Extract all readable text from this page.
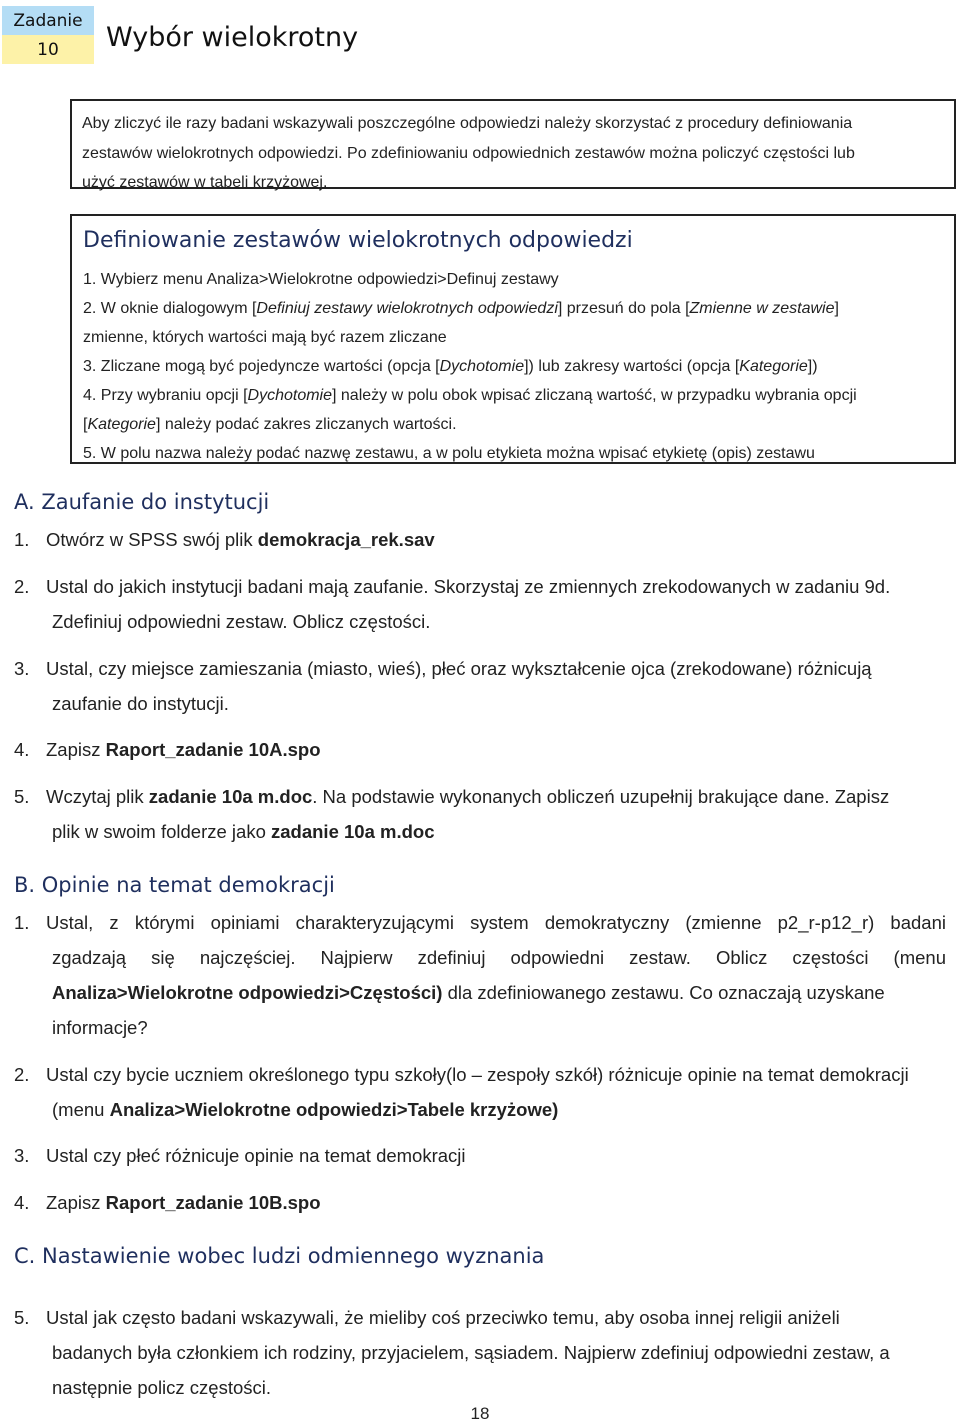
Zadanie
10	Wybór wielokrotny

Aby zliczyć ile razy badani wskazywali poszczególne odpowiedzi należy skorzystać z procedury definiowania
zestawów wielokrotnych odpowiedzi. Po zdefiniowaniu odpowiednich zestawów można policzyć częstości lub
użyć zestawów w tabeli krzyżowej.

Definiowanie zestawów wielokrotnych odpowiedzi

1. Wybierz menu Analiza>Wielokrotne odpowiedzi>Definuj zestawy

2. W oknie dialogowym [Definiuj zestawy wielokrotnych odpowiedzi] przesuń do pola [Zmienne w zestawie]
zmienne, których wartości mają być razem zliczane

3. Zliczane mogą być pojedyncze wartości (opcja [Dychotomie]) lub zakresy wartości (opcja [Kategorie])

4. Przy wybraniu opcji [Dychotomie] należy w polu obok wpisać zliczaną wartość, w przypadku wybrania opcji
[Kategorie] należy podać zakres zliczanych wartości.

5. W polu nazwa należy podać nazwę zestawu, a w polu etykieta można wpisać etykietę (opis) zestawu

A. Zaufanie do instytucji

1. Otwórz w SPSS swój plik demokracja_rek.sav

2. Ustal do jakich instytucji badani mają zaufanie. Skorzystaj ze zmiennych zrekodowanych w zadaniu 9d.
Zdefiniuj odpowiedni zestaw. Oblicz częstości.
3. Ustal, czy miejsce zamieszania (miasto, wieś), płeć oraz wykształcenie ojca (zrekodowane) różnicują
zaufanie do instytucji.

4. Zapisz Raport_zadanie 10A.spo

5. Wczytaj plik zadanie 10a m.doc. Na podstawie wykonanych obliczeń uzupełnij brakujące dane. Zapisz
plik w swoim folderze jako zadanie 10a m.doc
B. Opinie na temat demokracji
1. Ustal, z którymi opiniami charakteryzującymi system demokratyczny (zmienne p2_r-p12_r) badani
zgadzają się najczęściej. Najpierw zdefiniuj odpowiedni zestaw. Oblicz częstości (menu
Analiza>Wielokrotne odpowiedzi>Częstości) dla zdefiniowanego zestawu. Co oznaczają uzyskane
informacje?
2. Ustal czy bycie uczniem określonego typu szkoły(lo – zespoły szkół) różnicuje opinie na temat demokracji
(menu Analiza>Wielokrotne odpowiedzi>Tabele krzyżowe)

3. Ustal czy płeć różnicuje opinie na temat demokracji

4. Zapisz Raport_zadanie 10B.spo

C. Nastawienie wobec ludzi odmiennego wyznania
5. Ustal jak często badani wskazywali, że mieliby coś przeciwko temu, aby osoba innej religii aniżeli
badanych była członkiem ich rodziny, przyjacielem, sąsiadem. Najpierw zdefiniuj odpowiedni zestaw, a
następnie policz częstości.
18
